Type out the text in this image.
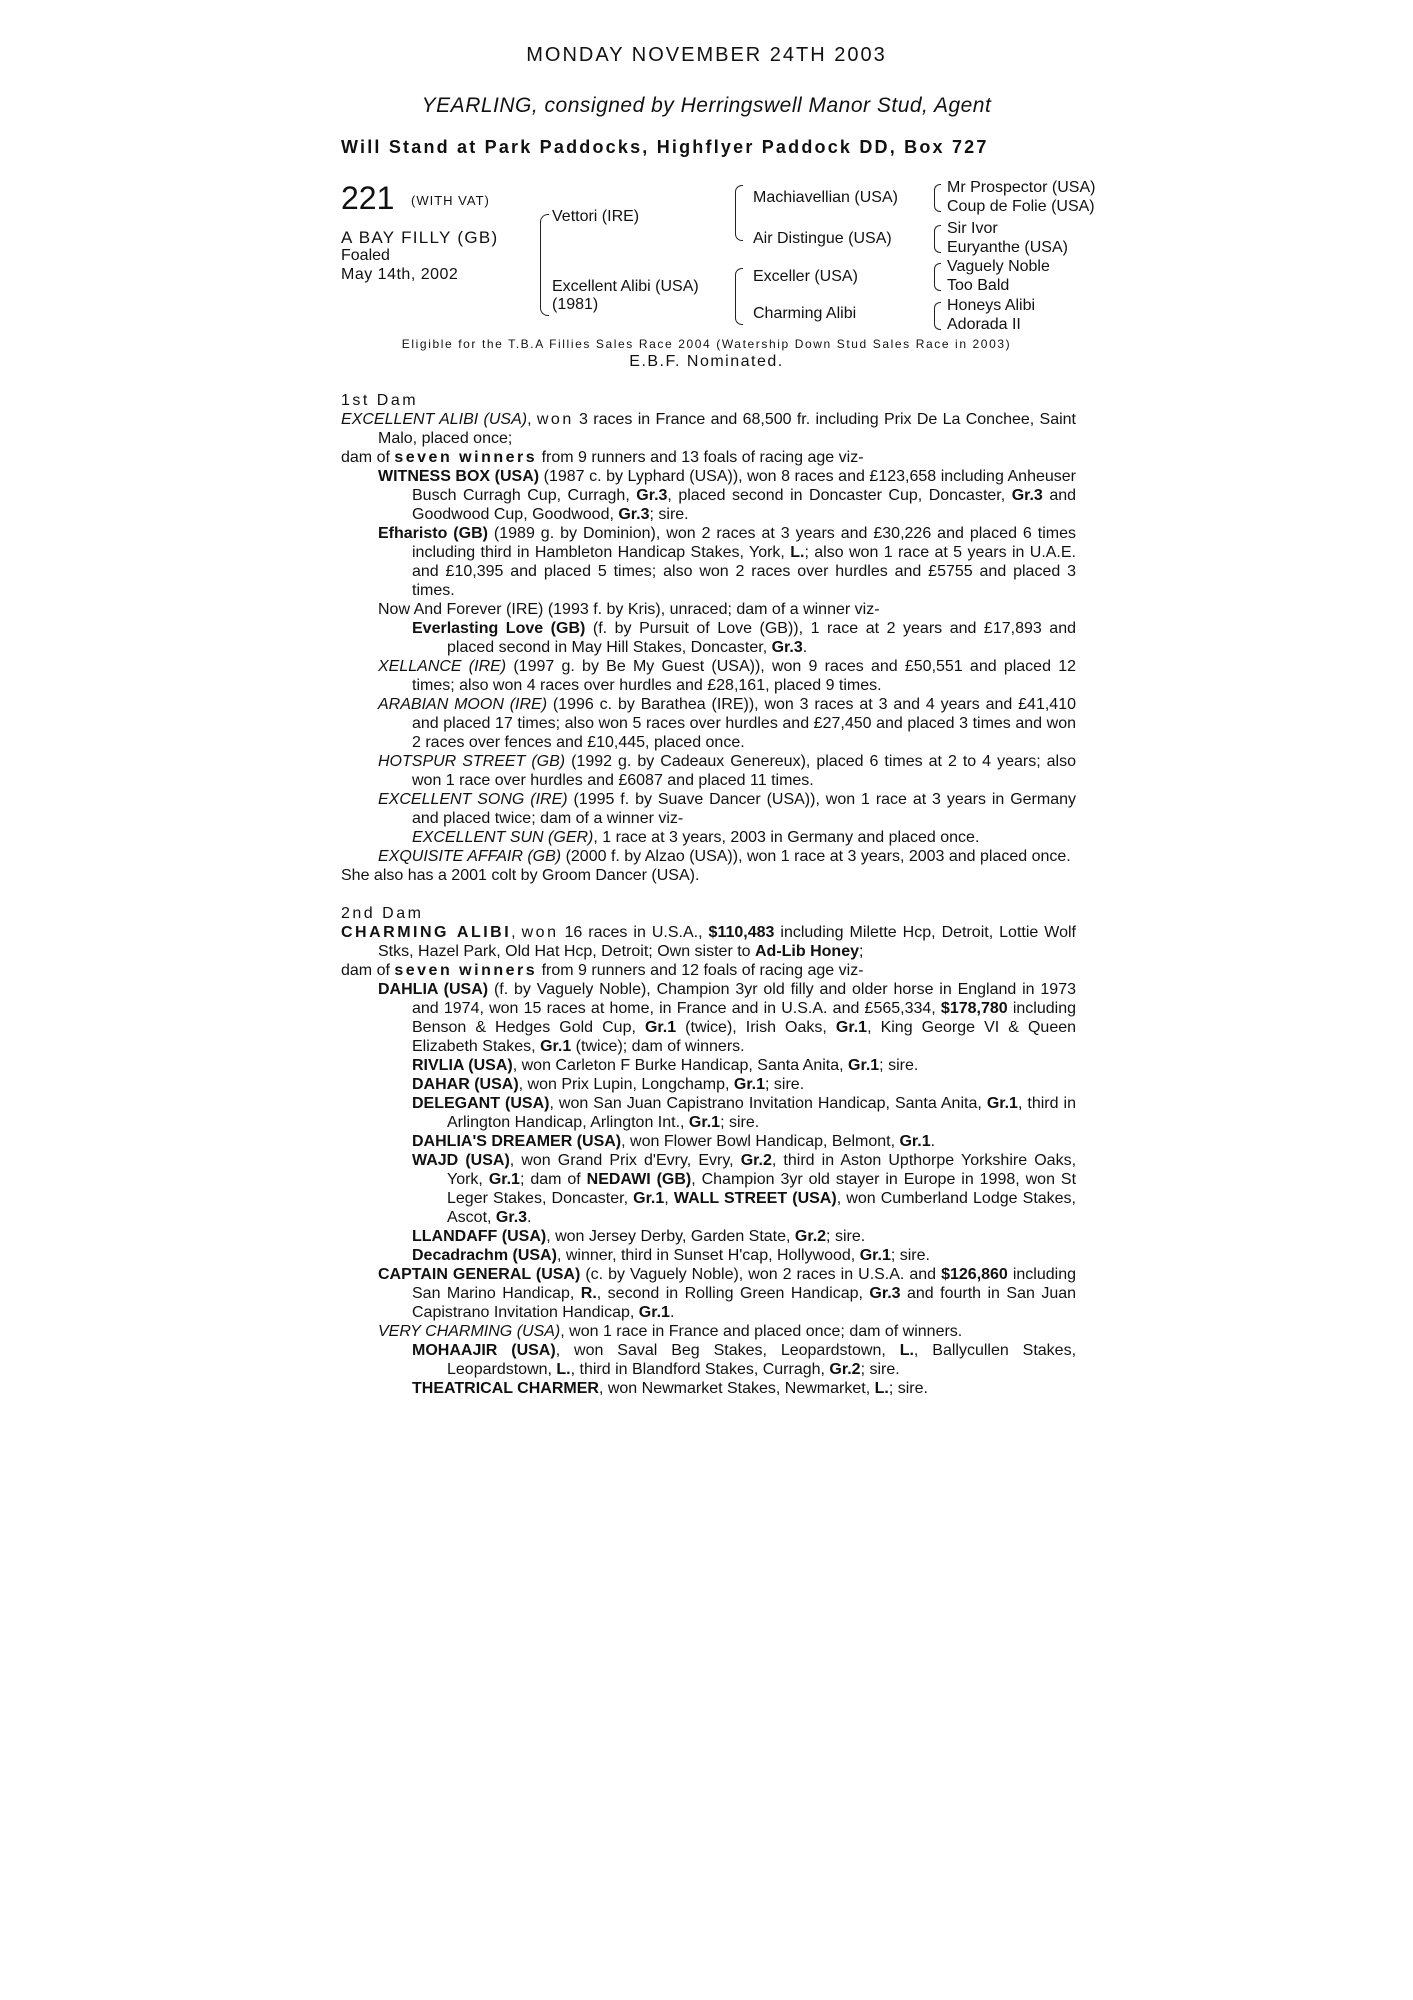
MONDAY NOVEMBER 24TH 2003
YEARLING, consigned by Herringswell Manor Stud, Agent
Will Stand at Park Paddocks, Highflyer Paddock DD, Box 727
221 (WITH VAT)
A BAY FILLY (GB)
Foaled
May 14th, 2002
Vettori (IRE)
Excellent Alibi (USA)
(1981)
Machiavellian (USA)
Air Distingue (USA)
Exceller (USA)
Charming Alibi
Mr Prospector (USA)
Coup de Folie (USA)
Sir Ivor
Euryanthe (USA)
Vaguely Noble
Too Bald
Honeys Alibi
Adorada II
Eligible for the T.B.A Fillies Sales Race 2004 (Watership Down Stud Sales Race in 2003)
E.B.F. Nominated.

1st Dam

EXCELLENT ALIBI (USA), won 3 races in France and 68,500 fr. including Prix De La Conchee, Saint Malo, placed once;

dam of seven winners from 9 runners and 13 foals of racing age viz-

WITNESS BOX (USA) (1987 c. by Lyphard (USA)), won 8 races and £123,658 including Anheuser Busch Curragh Cup, Curragh, Gr.3, placed second in Doncaster Cup, Doncaster, Gr.3 and Goodwood Cup, Goodwood, Gr.3; sire.

Efharisto (GB) (1989 g. by Dominion), won 2 races at 3 years and £30,226 and placed 6 times including third in Hambleton Handicap Stakes, York, L.; also won 1 race at 5 years in U.A.E. and £10,395 and placed 5 times; also won 2 races over hurdles and £5755 and placed 3 times.

Now And Forever (IRE) (1993 f. by Kris), unraced; dam of a winner viz-

Everlasting Love (GB) (f. by Pursuit of Love (GB)), 1 race at 2 years and £17,893 and placed second in May Hill Stakes, Doncaster, Gr.3.

XELLANCE (IRE) (1997 g. by Be My Guest (USA)), won 9 races and £50,551 and placed 12 times; also won 4 races over hurdles and £28,161, placed 9 times.

ARABIAN MOON (IRE) (1996 c. by Barathea (IRE)), won 3 races at 3 and 4 years and £41,410 and placed 17 times; also won 5 races over hurdles and £27,450 and placed 3 times and won 2 races over fences and £10,445, placed once.

HOTSPUR STREET (GB) (1992 g. by Cadeaux Genereux), placed 6 times at 2 to 4 years; also won 1 race over hurdles and £6087 and placed 11 times.

EXCELLENT SONG (IRE) (1995 f. by Suave Dancer (USA)), won 1 race at 3 years in Germany and placed twice; dam of a winner viz-

EXCELLENT SUN (GER), 1 race at 3 years, 2003 in Germany and placed once.

EXQUISITE AFFAIR (GB) (2000 f. by Alzao (USA)), won 1 race at 3 years, 2003 and placed once.

She also has a 2001 colt by Groom Dancer (USA).

2nd Dam

CHARMING ALIBI, won 16 races in U.S.A., $110,483 including Milette Hcp, Detroit, Lottie Wolf Stks, Hazel Park, Old Hat Hcp, Detroit; Own sister to Ad-Lib Honey;

dam of seven winners from 9 runners and 12 foals of racing age viz-

DAHLIA (USA) (f. by Vaguely Noble), Champion 3yr old filly and older horse in England in 1973 and 1974, won 15 races at home, in France and in U.S.A. and £565,334, $178,780 including Benson & Hedges Gold Cup, Gr.1 (twice), Irish Oaks, Gr.1, King George VI & Queen Elizabeth Stakes, Gr.1 (twice); dam of winners.

RIVLIA (USA), won Carleton F Burke Handicap, Santa Anita, Gr.1; sire.

DAHAR (USA), won Prix Lupin, Longchamp, Gr.1; sire.

DELEGANT (USA), won San Juan Capistrano Invitation Handicap, Santa Anita, Gr.1, third in Arlington Handicap, Arlington Int., Gr.1; sire.

DAHLIA'S DREAMER (USA), won Flower Bowl Handicap, Belmont, Gr.1.

WAJD (USA), won Grand Prix d'Evry, Evry, Gr.2, third in Aston Upthorpe Yorkshire Oaks, York, Gr.1; dam of NEDAWI (GB), Champion 3yr old stayer in Europe in 1998, won St Leger Stakes, Doncaster, Gr.1, WALL STREET (USA), won Cumberland Lodge Stakes, Ascot, Gr.3.

LLANDAFF (USA), won Jersey Derby, Garden State, Gr.2; sire.

Decadrachm (USA), winner, third in Sunset H'cap, Hollywood, Gr.1; sire.

CAPTAIN GENERAL (USA) (c. by Vaguely Noble), won 2 races in U.S.A. and $126,860 including San Marino Handicap, R., second in Rolling Green Handicap, Gr.3 and fourth in San Juan Capistrano Invitation Handicap, Gr.1.

VERY CHARMING (USA), won 1 race in France and placed once; dam of winners.

MOHAAJIR (USA), won Saval Beg Stakes, Leopardstown, L., Ballycullen Stakes, Leopardstown, L., third in Blandford Stakes, Curragh, Gr.2; sire.

THEATRICAL CHARMER, won Newmarket Stakes, Newmarket, L.; sire.
